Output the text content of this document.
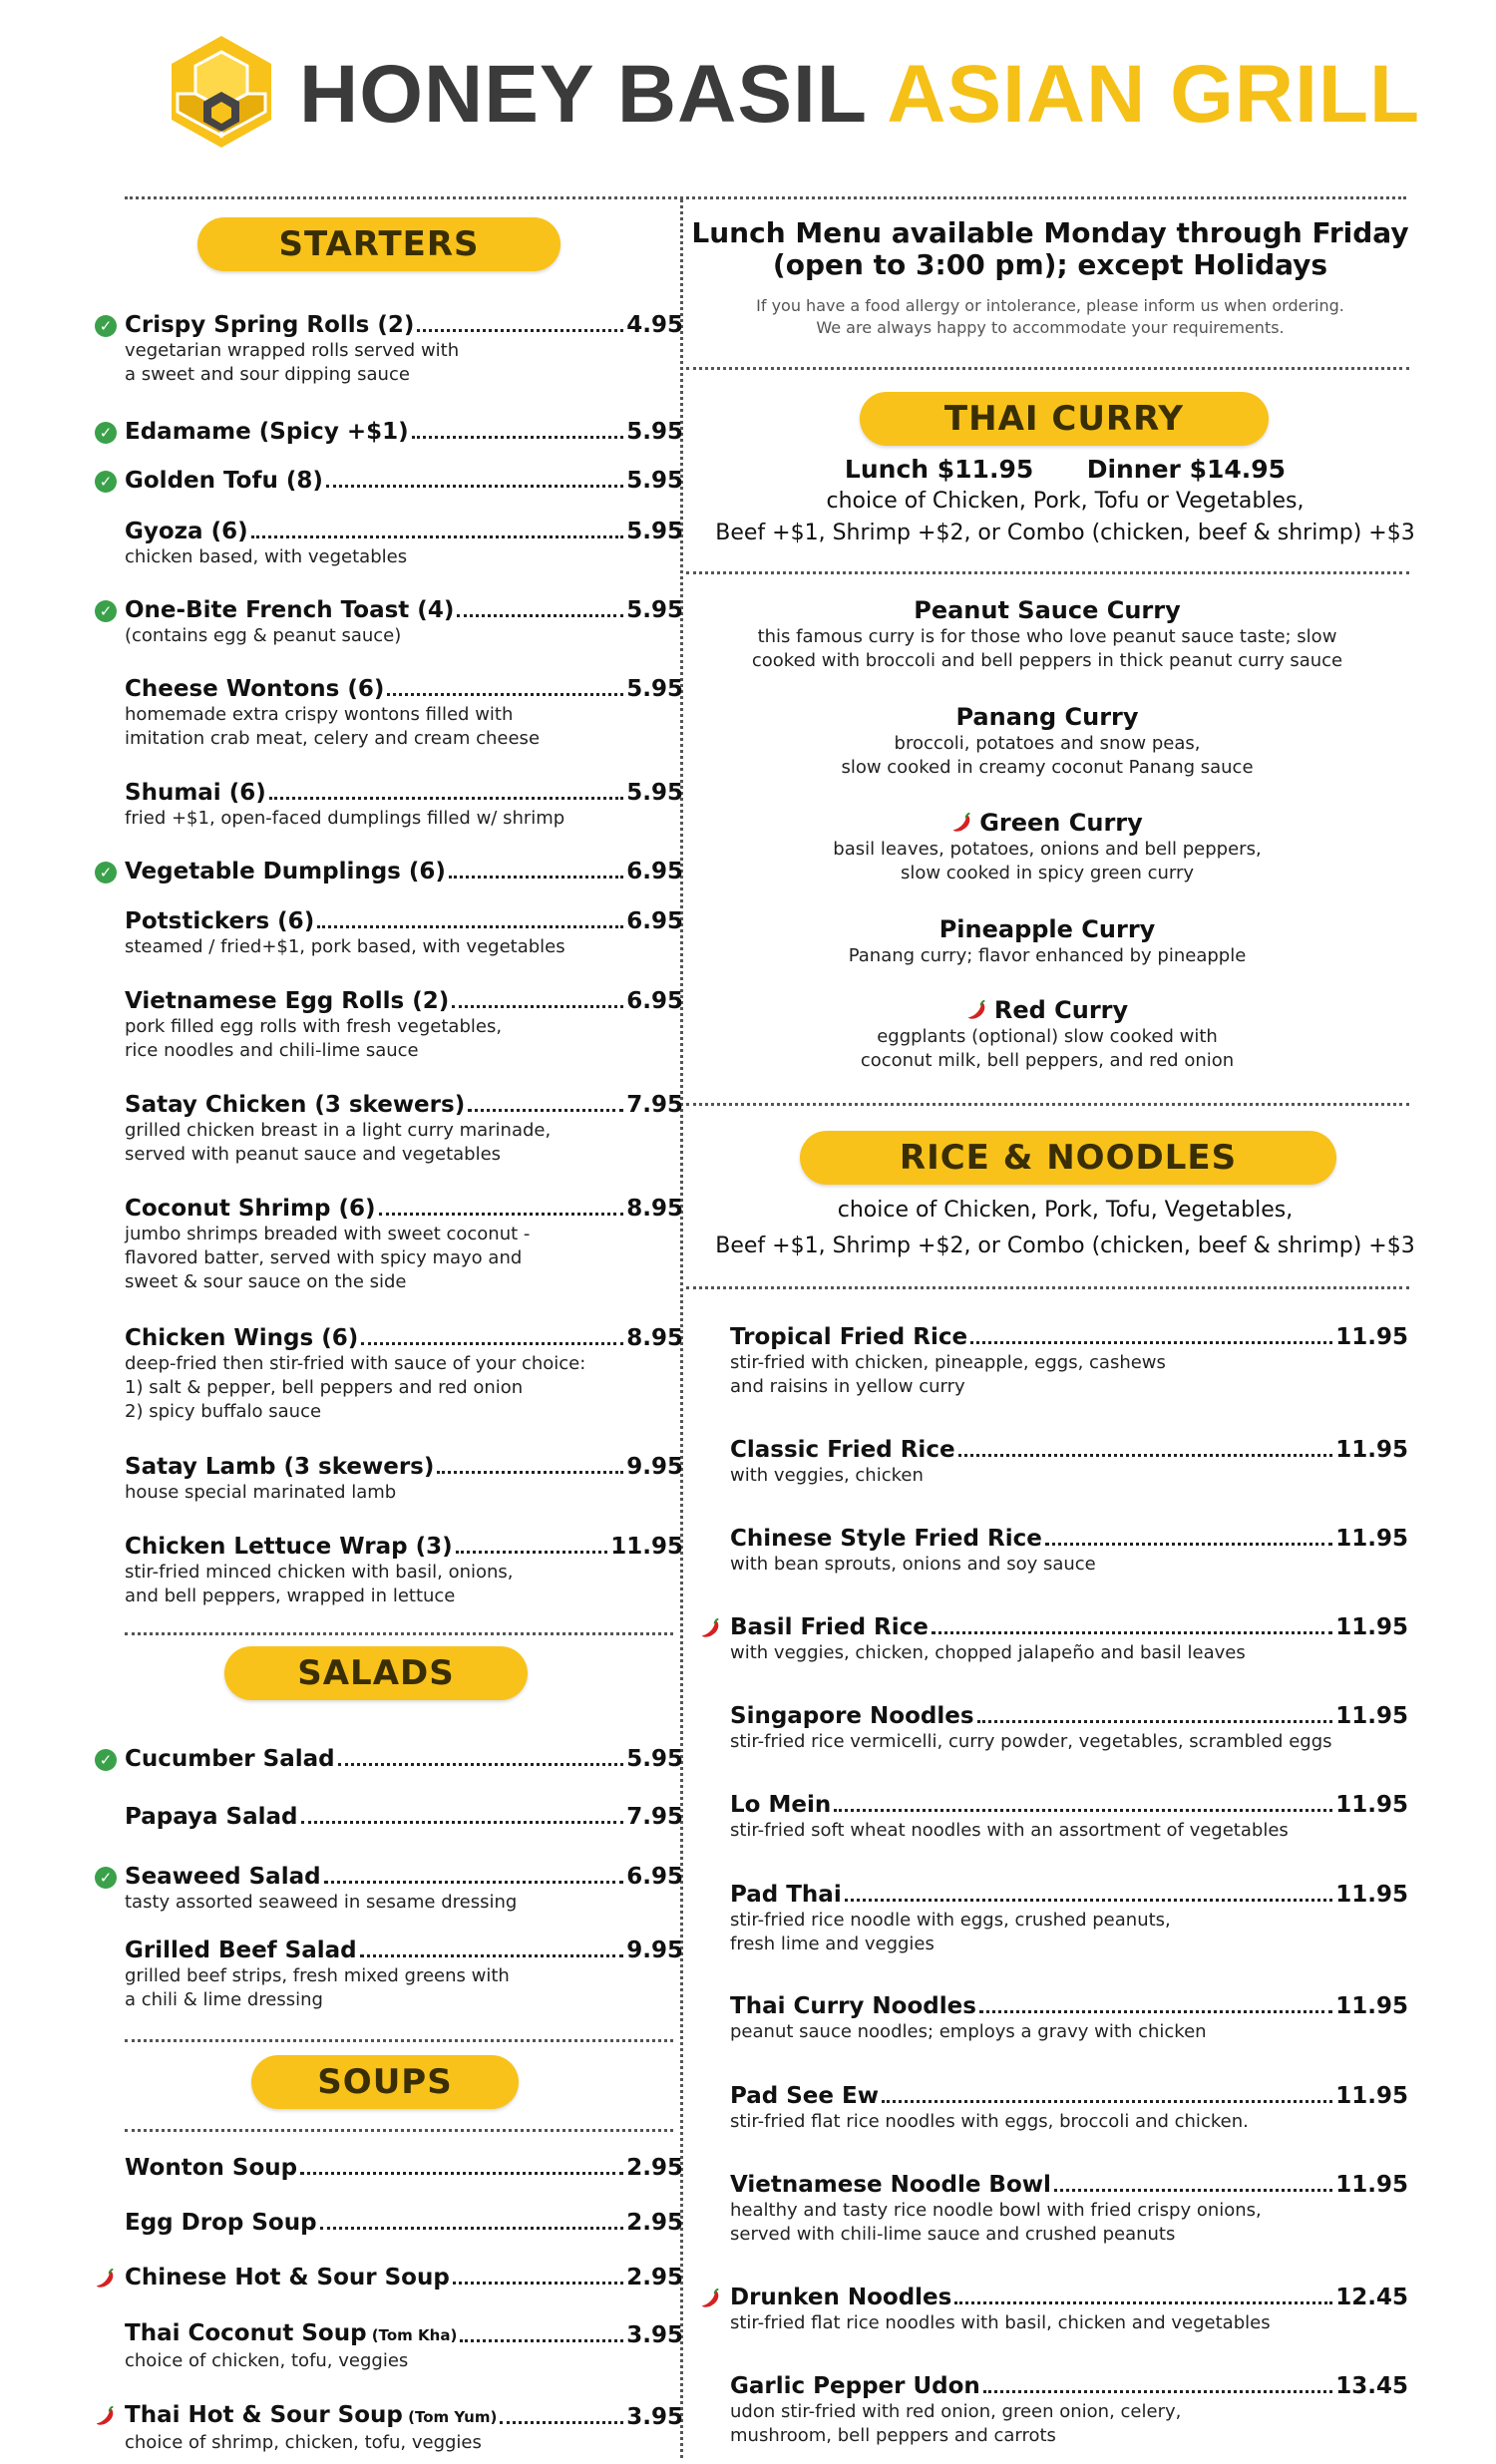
HONEY BASIL ASIAN GRILL
STARTERS
SALADS
SOUPS
THAI CURRY
RICE & NOODLES
Lunch Menu available Monday through Friday
(open to 3:00 pm); except Holidays
If you have a food allergy or intolerance, please inform us when ordering.
We are always happy to accommodate your requirements.
Lunch $11.95 Dinner $14.95
choice of Chicken, Pork, Tofu or Vegetables,
Beef +$1, Shrimp +$2, or Combo (chicken, beef & shrimp) +$3
choice of Chicken, Pork, Tofu, Vegetables,
Beef +$1, Shrimp +$2, or Combo (chicken, beef & shrimp) +$3
✓ Crispy Spring Rolls (2)	4.95
vegetarian wrapped rolls served with
a sweet and sour dipping sauce
✓ Edamame (Spicy +$1)	5.95
✓ Golden Tofu (8)	5.95
Gyoza (6)	5.95
chicken based, with vegetables
✓ One-Bite French Toast (4)	5.95
(contains egg & peanut sauce)
Cheese Wontons (6)	5.95
homemade extra crispy wontons filled with
imitation crab meat, celery and cream cheese
Shumai (6)	5.95
fried +$1, open-faced dumplings filled w/ shrimp
✓ Vegetable Dumplings (6)	6.95
Potstickers (6)	6.95
steamed / fried+$1, pork based, with vegetables
Vietnamese Egg Rolls (2)	6.95
pork filled egg rolls with fresh vegetables,
rice noodles and chili-lime sauce
Satay Chicken (3 skewers)	7.95
grilled chicken breast in a light curry marinade,
served with peanut sauce and vegetables
Coconut Shrimp (6)	8.95
jumbo shrimps breaded with sweet coconut -
flavored batter, served with spicy mayo and
sweet & sour sauce on the side
Chicken Wings (6)	8.95
deep-fried then stir-fried with sauce of your choice:
1) salt & pepper, bell peppers and red onion
2) spicy buffalo sauce
Satay Lamb (3 skewers)	9.95
house special marinated lamb
Chicken Lettuce Wrap (3)	11.95
stir-fried minced chicken with basil, onions,
and bell peppers, wrapped in lettuce
✓ Cucumber Salad	5.95
Papaya Salad	7.95
✓ Seaweed Salad	6.95
tasty assorted seaweed in sesame dressing
Grilled Beef Salad	9.95
grilled beef strips, fresh mixed greens with
a chili & lime dressing
Wonton Soup	2.95
Egg Drop Soup	2.95
Chinese Hot & Sour Soup	2.95
Thai Coconut Soup (Tom Kha)	3.95
choice of chicken, tofu, veggies
Thai Hot & Sour Soup (Tom Yum)	3.95
choice of shrimp, chicken, tofu, veggies
Peanut Sauce Curry
this famous curry is for those who love peanut sauce taste; slow
cooked with broccoli and bell peppers in thick peanut curry sauce
Panang Curry
broccoli, potatoes and snow peas,
slow cooked in creamy coconut Panang sauce
Green Curry
basil leaves, potatoes, onions and bell peppers,
slow cooked in spicy green curry
Pineapple Curry
Panang curry; flavor enhanced by pineapple
Red Curry
eggplants (optional) slow cooked with
coconut milk, bell peppers, and red onion
Tropical Fried Rice	11.95
stir-fried with chicken, pineapple, eggs, cashews
and raisins in yellow curry
Classic Fried Rice	11.95
with veggies, chicken
Chinese Style Fried Rice	11.95
with bean sprouts, onions and soy sauce
Basil Fried Rice	11.95
with veggies, chicken, chopped jalapeño and basil leaves
Singapore Noodles	11.95
stir-fried rice vermicelli, curry powder, vegetables, scrambled eggs
Lo Mein	11.95
stir-fried soft wheat noodles with an assortment of vegetables
Pad Thai	11.95
stir-fried rice noodle with eggs, crushed peanuts,
fresh lime and veggies
Thai Curry Noodles	11.95
peanut sauce noodles; employs a gravy with chicken
Pad See Ew	11.95
stir-fried flat rice noodles with eggs, broccoli and chicken.
Vietnamese Noodle Bowl	11.95
healthy and tasty rice noodle bowl with fried crispy onions,
served with chili-lime sauce and crushed peanuts
Drunken Noodles	12.45
stir-fried flat rice noodles with basil, chicken and vegetables
Garlic Pepper Udon	13.45
udon stir-fried with red onion, green onion, celery,
mushroom, bell peppers and carrots
